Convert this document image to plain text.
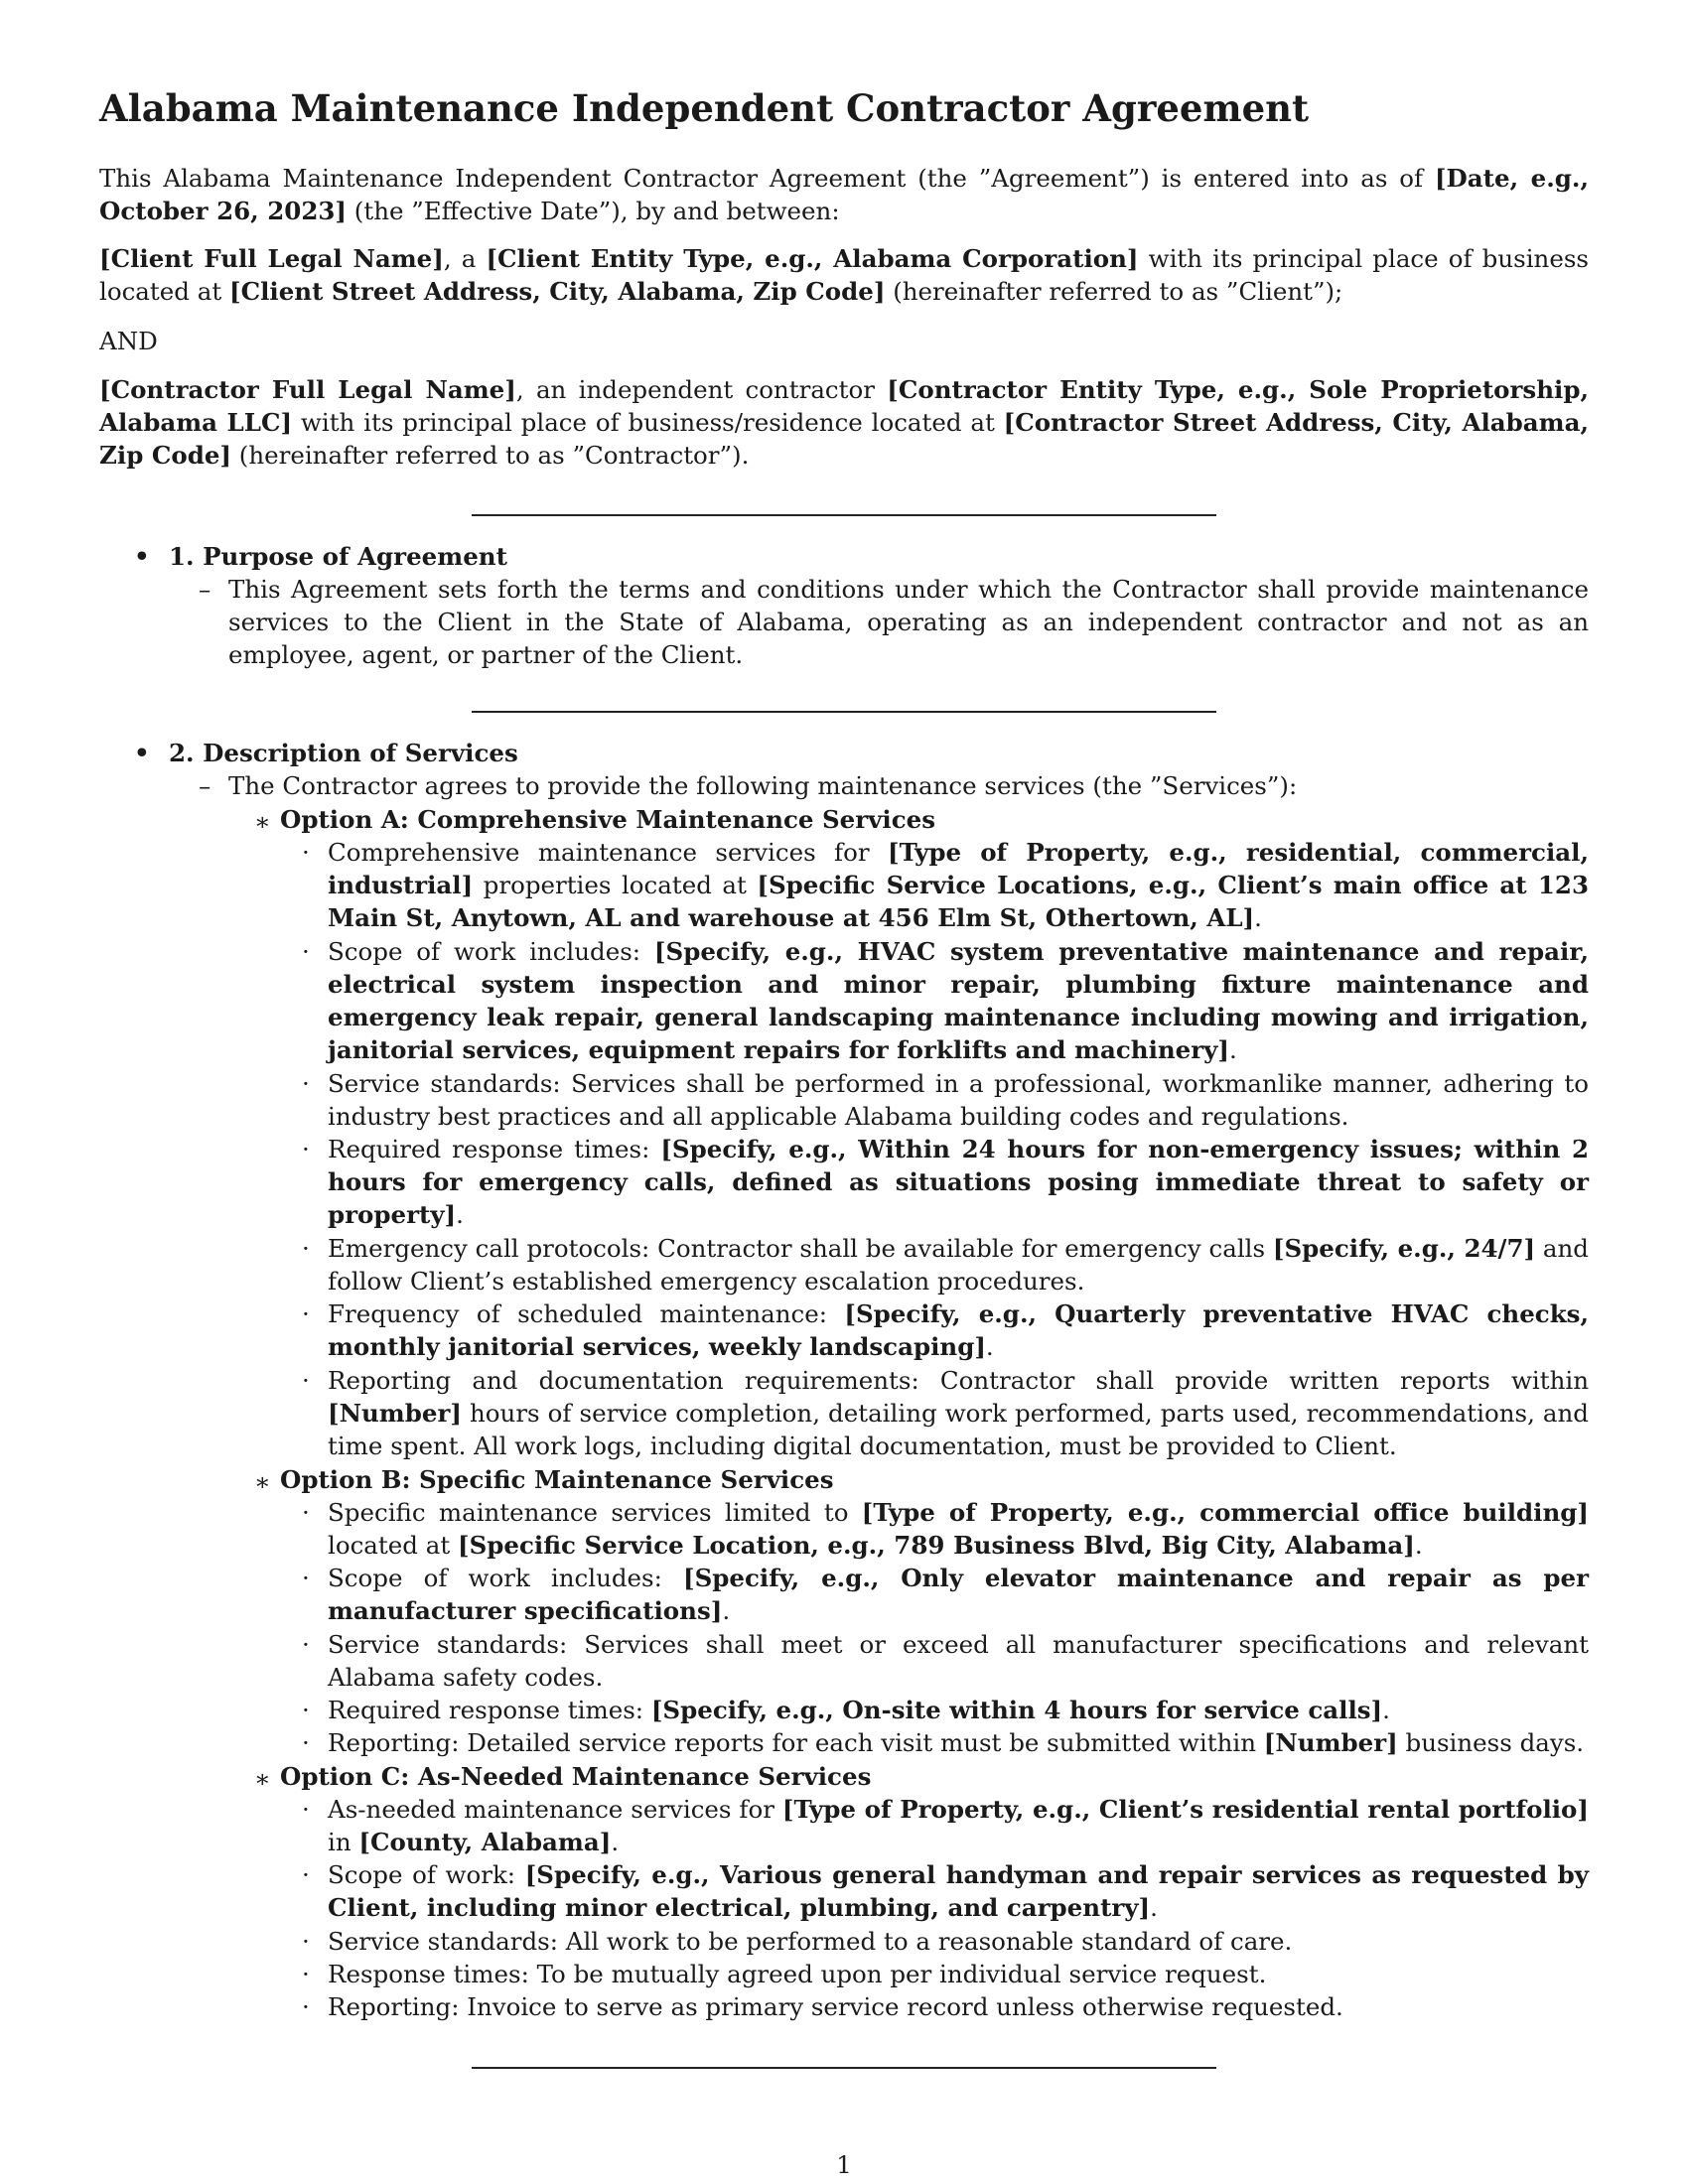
Alabama Maintenance Independent Contractor Agreement

This Alabama Maintenance Independent Contractor Agreement (the ”Agreement”) is entered into as of [Date, e.g., October 26, 2023] (the ”Effective Date”), by and between:

[Client Full Legal Name], a [Client Entity Type, e.g., Alabama Corporation] with its principal place of business located at [Client Street Address, City, Alabama, Zip Code] (hereinafter referred to as ”Client”);

AND

[Contractor Full Legal Name], an independent contractor [Contractor Entity Type, e.g., Sole Proprietorship, Alabama LLC] with its principal place of business/residence located at [Contractor Street Address, City, Alabama, Zip Code] (hereinafter referred to as ”Contractor”).

• 1. Purpose of Agreement

– This Agreement sets forth the terms and conditions under which the Contractor shall provide maintenance services to the Client in the State of Alabama, operating as an independent contractor and not as an employee, agent, or partner of the Client.

• 2. Description of Services

– The Contractor agrees to provide the following maintenance services (the ”Services”):

∗ Option A: Comprehensive Maintenance Services

· Comprehensive maintenance services for [Type of Property, e.g., residential, commercial, industrial] properties located at [Specific Service Locations, e.g., Client’s main office at 123 Main St, Anytown, AL and warehouse at 456 Elm St, Othertown, AL].

· Scope of work includes: [Specify, e.g., HVAC system preventative maintenance and repair, electrical system inspection and minor repair, plumbing fixture maintenance and emergency leak repair, general landscaping maintenance including mowing and irrigation, janitorial services, equipment repairs for forklifts and machinery].

· Service standards: Services shall be performed in a professional, workmanlike manner, adhering to industry best practices and all applicable Alabama building codes and regulations.

· Required response times: [Specify, e.g., Within 24 hours for non-emergency issues; within 2 hours for emergency calls, defined as situations posing immediate threat to safety or property].

· Emergency call protocols: Contractor shall be available for emergency calls [Specify, e.g., 24/7] and follow Client’s established emergency escalation procedures.

· Frequency of scheduled maintenance: [Specify, e.g., Quarterly preventative HVAC checks, monthly janitorial services, weekly landscaping].

· Reporting and documentation requirements: Contractor shall provide written reports within [Number] hours of service completion, detailing work performed, parts used, recommendations, and time spent. All work logs, including digital documentation, must be provided to Client.

∗ Option B: Specific Maintenance Services

· Specific maintenance services limited to [Type of Property, e.g., commercial office building] located at [Specific Service Location, e.g., 789 Business Blvd, Big City, Alabama].

· Scope of work includes: [Specify, e.g., Only elevator maintenance and repair as per manufacturer specifications].

· Service standards: Services shall meet or exceed all manufacturer specifications and relevant Alabama safety codes.

· Required response times: [Specify, e.g., On-site within 4 hours for service calls].

· Reporting: Detailed service reports for each visit must be submitted within [Number] business days.

∗ Option C: As-Needed Maintenance Services

· As-needed maintenance services for [Type of Property, e.g., Client’s residential rental portfolio] in [County, Alabama].

· Scope of work: [Specify, e.g., Various general handyman and repair services as requested by Client, including minor electrical, plumbing, and carpentry].

· Service standards: All work to be performed to a reasonable standard of care.

· Response times: To be mutually agreed upon per individual service request.

· Reporting: Invoice to serve as primary service record unless otherwise requested.

1
